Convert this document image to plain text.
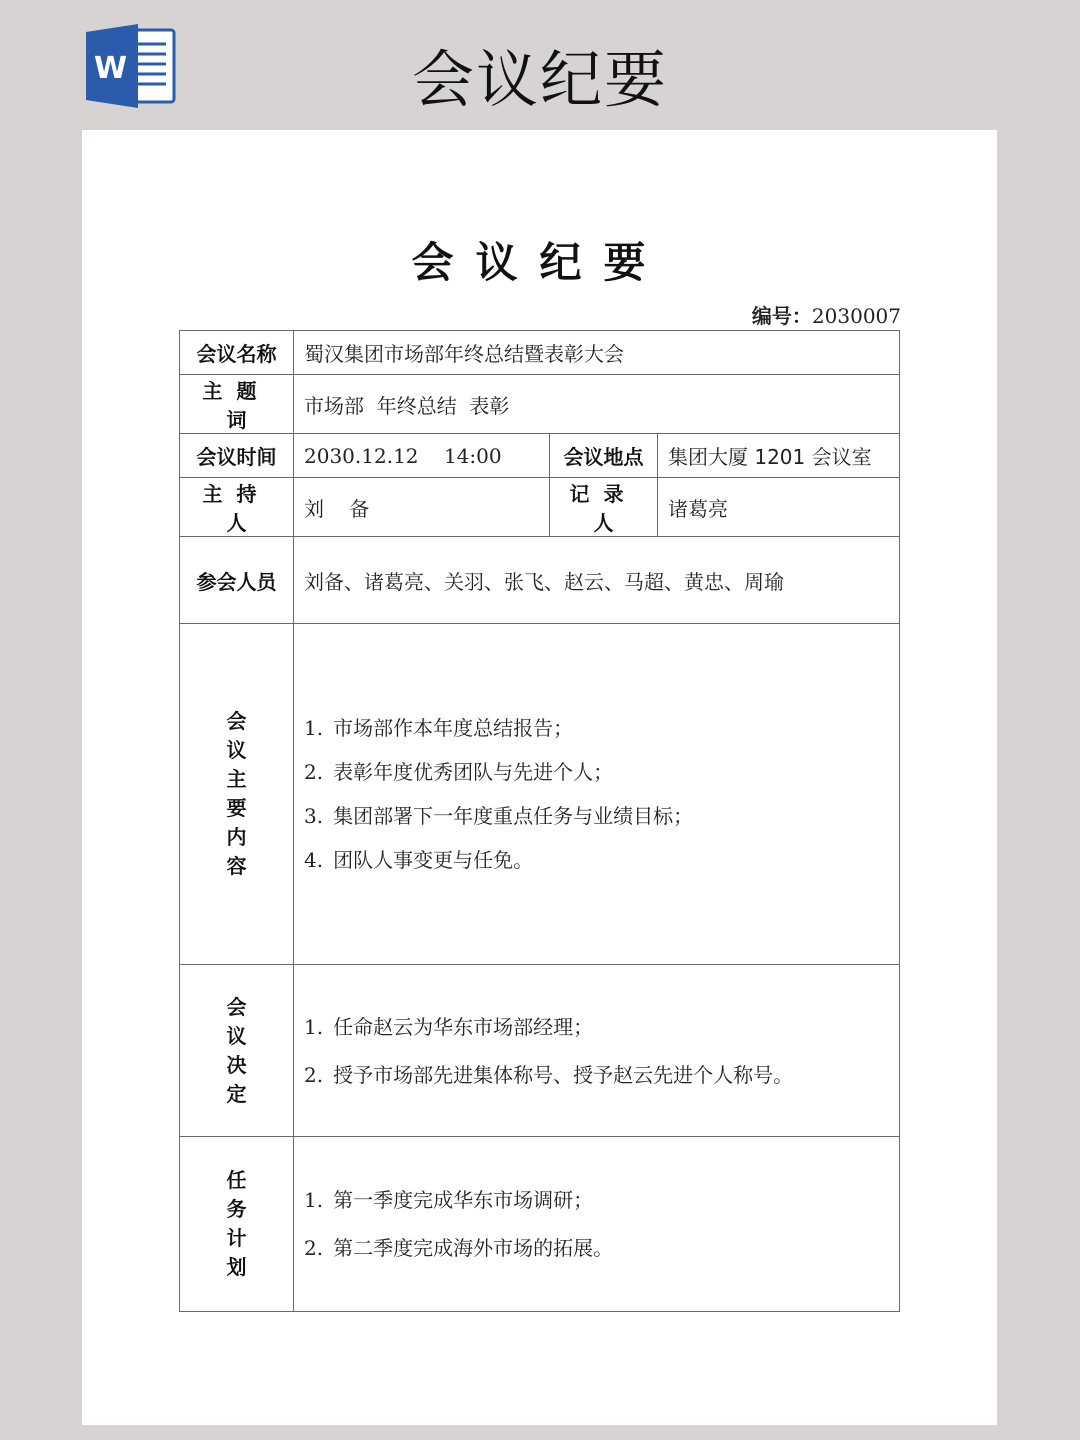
W	会议纪要
会议纪要
编号：2030007
会议名称	蜀汉集团市场部年终总结暨表彰大会		
主题词	市场部  年终总结  表彰		
会议时间	2030.12.12    14:00	会议地点	集团大厦 1201 会议室
主持人	刘    备	记录人	诸葛亮
参会人员	刘备、诸葛亮、关羽、张飞、赵云、马超、黄忠、周瑜		
会议主要内容	1. 市场部作本年度总结报告；
2. 表彰年度优秀团队与先进个人；
3. 集团部署下一年度重点任务与业绩目标；
4. 团队人事变更与任免。		

会议决定	1. 任命赵云为华东市场部经理；
2. 授予市场部先进集体称号、授予赵云先进个人称号。		

任务计划	1. 第一季度完成华东市场调研；
2. 第二季度完成海外市场的拓展。		
